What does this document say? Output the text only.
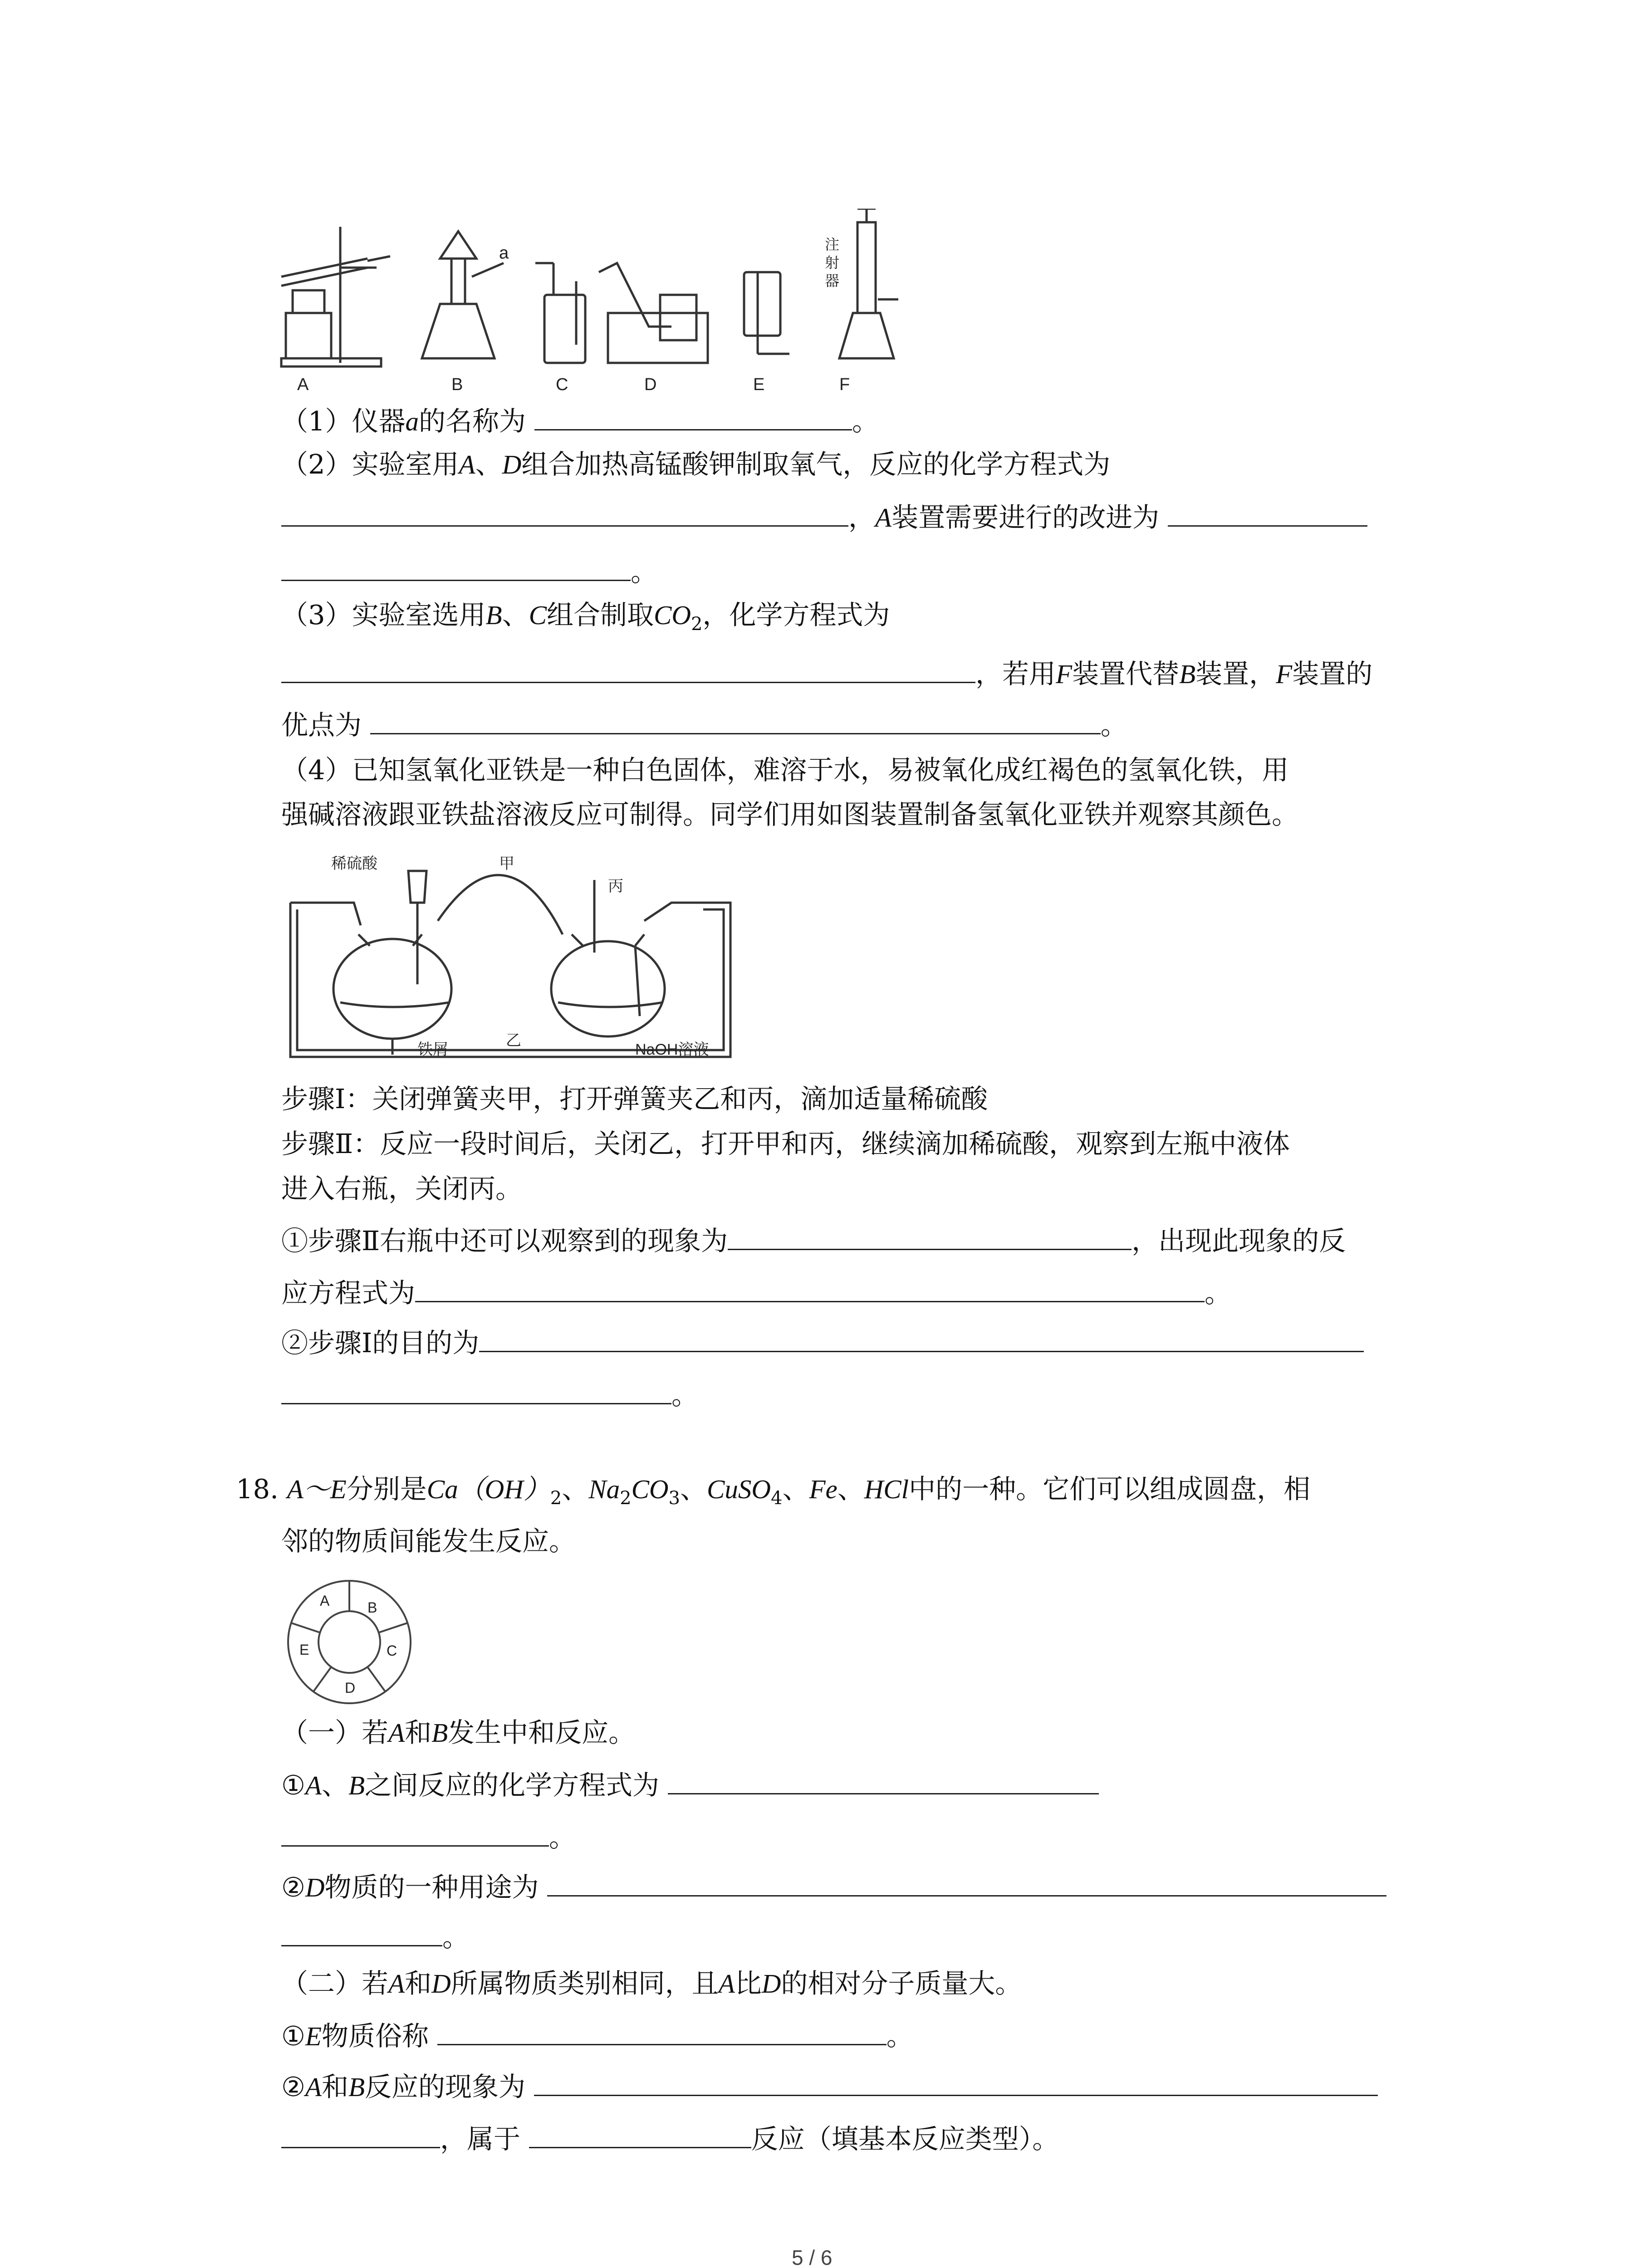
A	B	C	D	E	F
a	注
射
器
（1）仪器a的名称为	。
（2）实验室用A、D组合加热高锰酸钾制取氧气，反应的化学方程式为
，A装置需要进行的改进为
。
（3）实验室选用B、C组合制取$CO_2$，化学方程式为
，若用F装置代替B装置，F装置的
优点为	。
（4）已知氢氧化亚铁是一种白色固体，难溶于水，易被氧化成红褐色的氢氧化铁，用
强碱溶液跟亚铁盐溶液反应可制得。同学们用如图装置制备氢氧化亚铁并观察其颜色。
稀硫酸	甲
丙
乙
铁屑	NaOH溶液
步骤Ⅰ：关闭弹簧夹甲，打开弹簧夹乙和丙，滴加适量稀硫酸
步骤Ⅱ：反应一段时间后，关闭乙，打开甲和丙，继续滴加稀硫酸，观察到左瓶中液体
进入右瓶，关闭丙。
①步骤Ⅱ右瓶中还可以观察到的现象为	，出现此现象的反
应方程式为	。
②步骤Ⅰ的目的为
。
18. A～E分别是$Ca(OH)_2$、$Na_2CO_3$、CuSO$_4$、Fe、HCl中的一种。它们可以组成圆盘，相
邻的物质间能发生反应。
A	B
C
D
E
（一）若A和B发生中和反应。
①A、B之间反应的化学方程式为
。
②D物质的一种用途为
。
（二）若A和D所属物质类别相同，且A比D的相对分子质量大。
①E物质俗称	。
②A和B反应的现象为
，属于	反应（填基本反应类型）。
5 / 6
